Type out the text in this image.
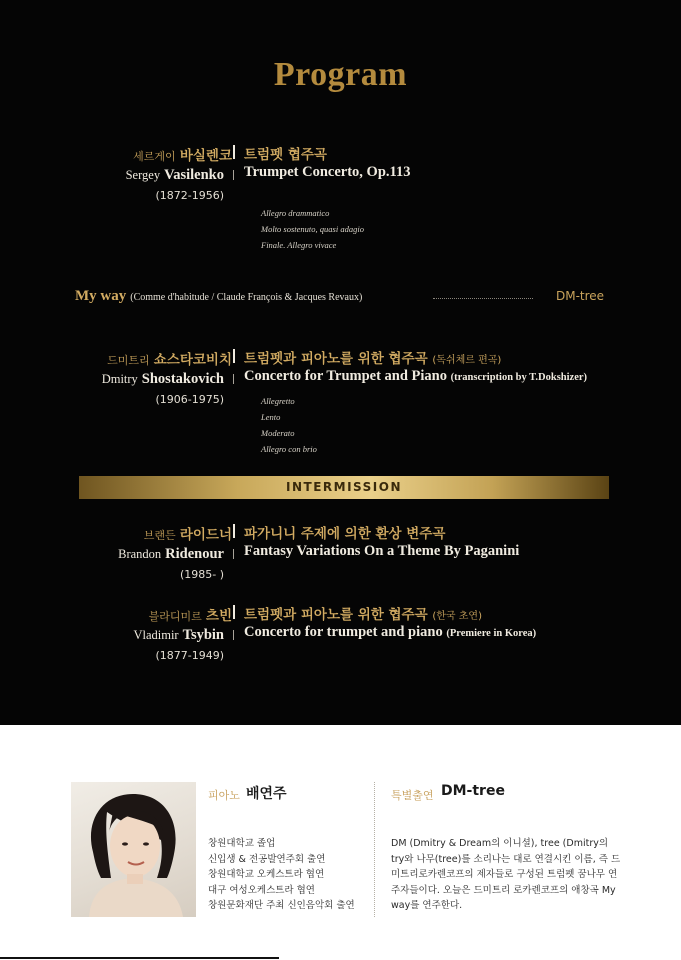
Program
세르게이 바실렌코 트럼펫 협주곡
Sergey Vasilenko Trumpet Concerto, Op.113
(1872-1956)
Allegro drammatico
Molto sostenuto, quasi adagio
Finale. Allegro vivace
My way (Comme d'habitude / Claude François & Jacques Revaux)	DM-tree
드미트리 쇼스타코비치 트럼펫과 피아노를 위한 협주곡 (독쉬체르 편곡)
Dmitry Shostakovich Concerto for Trumpet and Piano (transcription by T.Dokshizer)
(1906-1975)	Allegretto
Lento
Moderato
Allegro con brio
INTERMISSION
브랜든 라이드너 파가니니 주제에 의한 환상 변주곡
Brandon Ridenour Fantasy Variations On a Theme By Paganini
(1985- )
블라디미르 츠빈 트럼펫과 피아노를 위한 협주곡 (한국 초연)
Vladimir Tsybin Concerto for trumpet and piano (Premiere in Korea)
(1877-1949)
피아노 배연주
창원대학교 졸업
신입생 & 전공발연주회 출연
창원대학교 오케스트라 협연
대구 여성오케스트라 협연
창원문화재단 주최 신인음악회 출연
특별출연 DM-tree
DM (Dmitry & Dream의 이니셜), tree (Dmitry의 try와 나무(tree)를 소리나는 대로 연결시킨 이름, 즉 드미트리로카렌코프의 제자들로 구성된 트럼펫 꿈나무 연주자들이다. 오늘은 드미트리 로카렌코프의 애창곡 My way를 연주한다.
